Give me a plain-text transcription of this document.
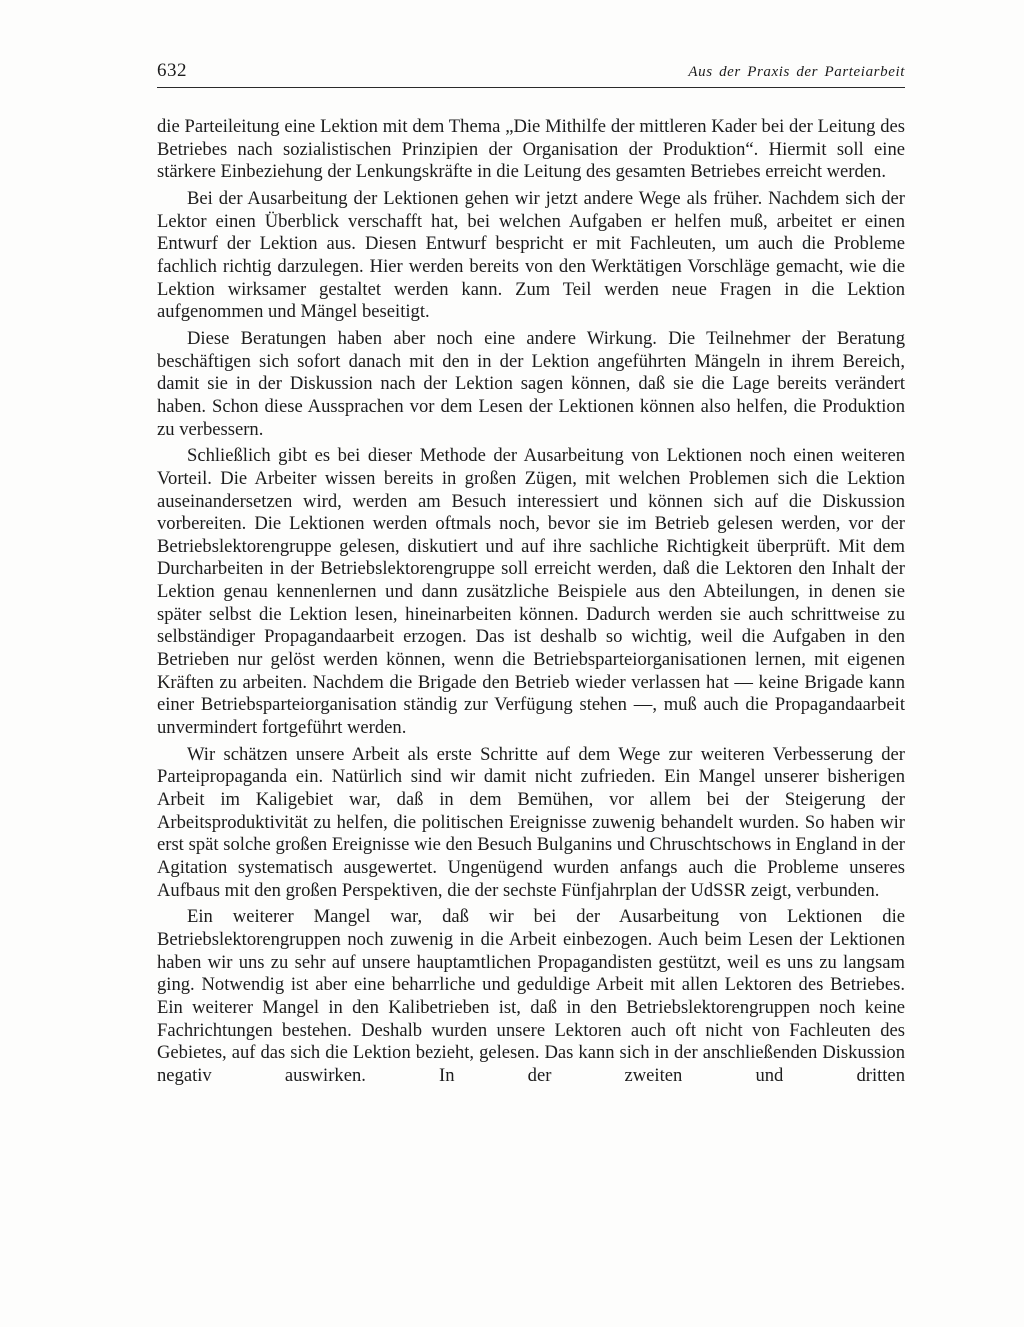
632	Aus der Praxis der Parteiarbeit

die Parteileitung eine Lektion mit dem Thema „Die Mithilfe der mittleren Kader bei der Leitung des Betriebes nach sozialistischen Prinzipien der Organisation der Produktion“. Hiermit soll eine stärkere Einbeziehung der Lenkungskräfte in die Leitung des gesamten Betriebes erreicht werden.

Bei der Ausarbeitung der Lektionen gehen wir jetzt andere Wege als früher. Nachdem sich der Lektor einen Überblick verschafft hat, bei welchen Aufgaben er helfen muß, arbeitet er einen Entwurf der Lektion aus. Diesen Entwurf bespricht er mit Fachleuten, um auch die Probleme fachlich richtig darzulegen. Hier werden bereits von den Werktätigen Vorschläge gemacht, wie die Lektion wirksamer gestaltet werden kann. Zum Teil werden neue Fragen in die Lektion aufgenommen und Mängel beseitigt.

Diese Beratungen haben aber noch eine andere Wirkung. Die Teilnehmer der Beratung beschäftigen sich sofort danach mit den in der Lektion angeführten Mängeln in ihrem Bereich, damit sie in der Diskussion nach der Lektion sagen können, daß sie die Lage bereits verändert haben. Schon diese Aussprachen vor dem Lesen der Lektionen können also helfen, die Produktion zu verbessern.

Schließlich gibt es bei dieser Methode der Ausarbeitung von Lektionen noch einen weiteren Vorteil. Die Arbeiter wissen bereits in großen Zügen, mit welchen Problemen sich die Lektion auseinandersetzen wird, werden am Besuch interessiert und können sich auf die Diskussion vorbereiten. Die Lektionen werden oftmals noch, bevor sie im Betrieb gelesen werden, vor der Betriebslektorengruppe gelesen, diskutiert und auf ihre sachliche Richtigkeit überprüft. Mit dem Durcharbeiten in der Betriebslektorengruppe soll erreicht werden, daß die Lektoren den Inhalt der Lektion genau kennenlernen und dann zusätzliche Beispiele aus den Abteilungen, in denen sie später selbst die Lektion lesen, hineinarbeiten können. Dadurch werden sie auch schrittweise zu selbständiger Propagandaarbeit erzogen. Das ist deshalb so wichtig, weil die Aufgaben in den Betrieben nur gelöst werden können, wenn die Betriebsparteiorganisationen lernen, mit eigenen Kräften zu arbeiten. Nachdem die Brigade den Betrieb wieder verlassen hat — keine Brigade kann einer Betriebsparteiorganisation ständig zur Verfügung stehen —, muß auch die Propagandaarbeit unvermindert fortgeführt werden.

Wir schätzen unsere Arbeit als erste Schritte auf dem Wege zur weiteren Verbesserung der Parteipropaganda ein. Natürlich sind wir damit nicht zufrieden. Ein Mangel unserer bisherigen Arbeit im Kaligebiet war, daß in dem Bemühen, vor allem bei der Steigerung der Arbeitsproduktivität zu helfen, die politischen Ereignisse zuwenig behandelt wurden. So haben wir erst spät solche großen Ereignisse wie den Besuch Bulganins und Chruschtschows in England in der Agitation systematisch ausgewertet. Ungenügend wurden anfangs auch die Probleme unseres Aufbaus mit den großen Perspektiven, die der sechste Fünfjahrplan der UdSSR zeigt, verbunden.

Ein weiterer Mangel war, daß wir bei der Ausarbeitung von Lektionen die Betriebslektorengruppen noch zuwenig in die Arbeit einbezogen. Auch beim Lesen der Lektionen haben wir uns zu sehr auf unsere hauptamtlichen Propagandisten gestützt, weil es uns zu langsam ging. Notwendig ist aber eine beharrliche und geduldige Arbeit mit allen Lektoren des Betriebes. Ein weiterer Mangel in den Kalibetrieben ist, daß in den Betriebslektorengruppen noch keine Fachrichtungen bestehen. Deshalb wurden unsere Lektoren auch oft nicht von Fachleuten des Gebietes, auf das sich die Lektion bezieht, gelesen. Das kann sich in der anschließenden Diskussion negativ auswirken. In der zweiten und dritten
